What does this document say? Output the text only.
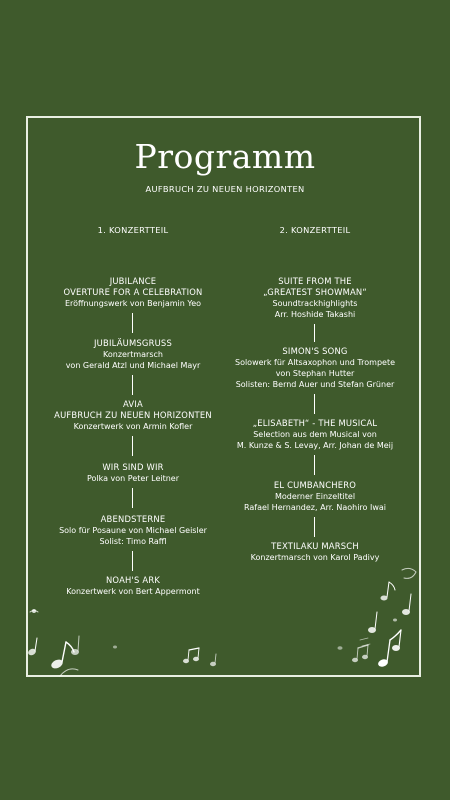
Programm
AUFBRUCH ZU NEUEN HORIZONTEN
1. KONZERTTEIL	2. KONZERTTEIL
JUBILANCE
OVERTURE FOR A CELEBRATION
Eröffnungswerk von Benjamin Yeo
JUBILÄUMSGRUSS
Konzertmarsch
von Gerald Atzl und Michael Mayr
AVIA
AUFBRUCH ZU NEUEN HORIZONTEN
Konzertwerk von Armin Kofler
WIR SIND WIR
Polka von Peter Leitner
ABENDSTERNE
Solo für Posaune von Michael Geisler
Solist: Timo Raffl
NOAH'S ARK
Konzertwerk von Bert Appermont
SUITE FROM THE
„GREATEST SHOWMAN“
Soundtrackhighlights
Arr. Hoshide Takashi
SIMON'S SONG
Solowerk für Altsaxophon und Trompete
von Stephan Hutter
Solisten: Bernd Auer und Stefan Grüner
„ELISABETH“ - THE MUSICAL
Selection aus dem Musical von
M. Kunze & S. Levay, Arr. Johan de Meij
EL CUMBANCHERO
Moderner Einzeltitel
Rafael Hernandez, Arr. Naohiro Iwai
TEXTILAKU MARSCH
Konzertmarsch von Karol Padivy
